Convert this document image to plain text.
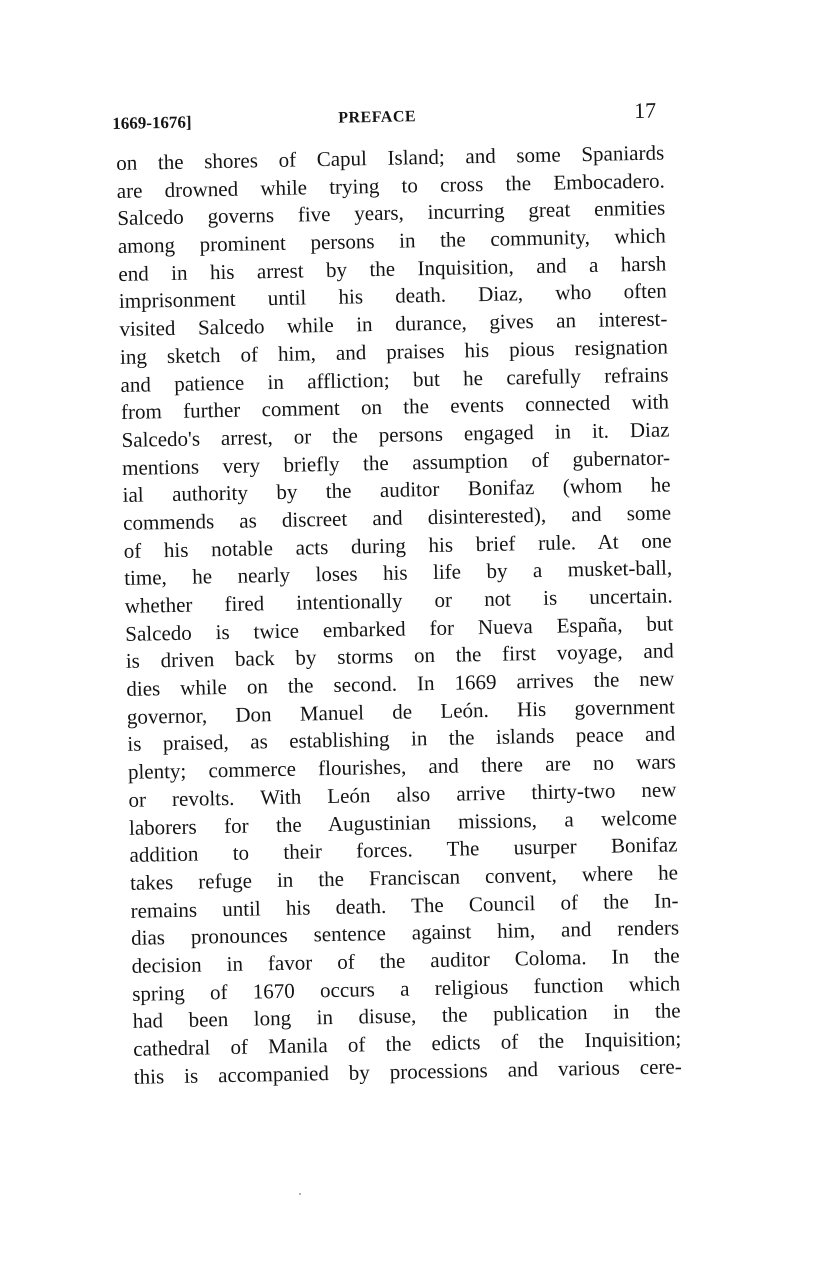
1669-1676]	PREFACE	17
on the shores of Capul Island; and some Spaniards
are drowned while trying to cross the Embocadero.
Salcedo governs five years, incurring great enmities
among prominent persons in the community, which
end in his arrest by the Inquisition, and a harsh
imprisonment until his death. Diaz, who often
visited Salcedo while in durance, gives an interest-
ing sketch of him, and praises his pious resignation
and patience in affliction; but he carefully refrains
from further comment on the events connected with
Salcedo's arrest, or the persons engaged in it. Diaz
mentions very briefly the assumption of gubernator-
ial authority by the auditor Bonifaz (whom he
commends as discreet and disinterested), and some
of his notable acts during his brief rule. At one
time, he nearly loses his life by a musket-ball,
whether fired intentionally or not is uncertain.
Salcedo is twice embarked for Nueva España, but
is driven back by storms on the first voyage, and
dies while on the second. In 1669 arrives the new
governor, Don Manuel de León. His government
is praised, as establishing in the islands peace and
plenty; commerce flourishes, and there are no wars
or revolts. With León also arrive thirty-two new
laborers for the Augustinian missions, a welcome
addition to their forces. The usurper Bonifaz
takes refuge in the Franciscan convent, where he
remains until his death. The Council of the In-
dias pronounces sentence against him, and renders
decision in favor of the auditor Coloma. In the
spring of 1670 occurs a religious function which
had been long in disuse, the publication in the
cathedral of Manila of the edicts of the Inquisition;
this is accompanied by processions and various cere-
